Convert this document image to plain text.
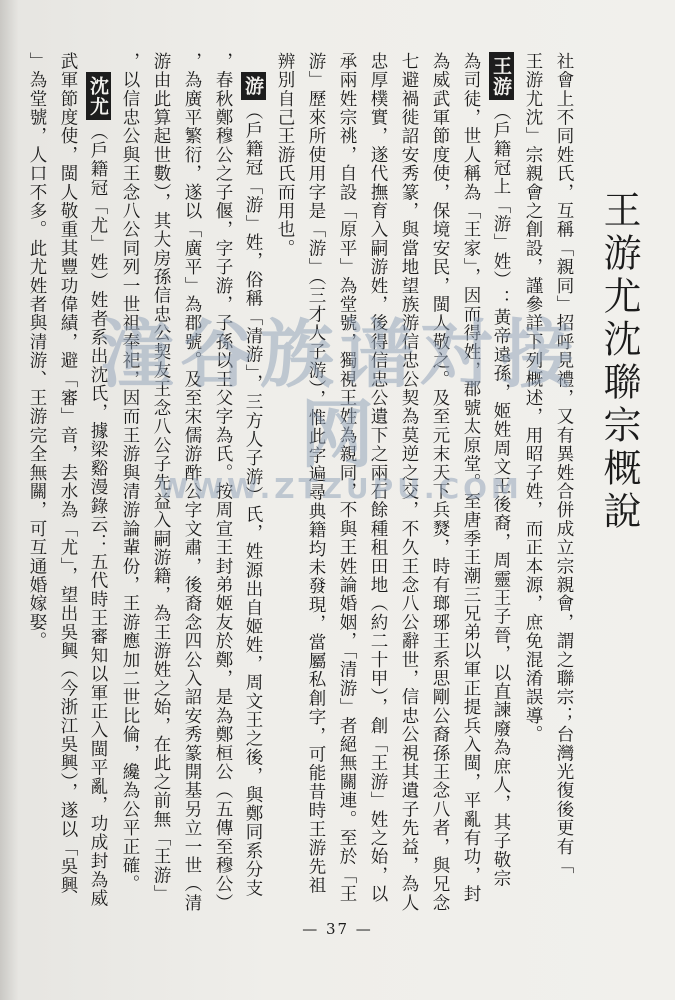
王游尤沈聯宗概說
社會上不同姓氏，互稱「親同」招呼見禮，又有異姓合併成立宗親會，謂之聯宗；台灣光復後更有「
王游尤沈」宗親會之創設，謹參詳下列概述，用昭子姓，而正本源，庶免混淆誤導。
王游（戶籍冠上「游」姓）：黃帝遠孫，姬姓周文王後裔，周靈王子晉，以直諫廢為庶人，其子敬宗
為司徒，世人稱為「王家」，因而得姓，郡號太原堂。至唐季王潮三兄弟以軍正提兵入閩，平亂有功，封
為威武軍節度使，保境安民，閩人敬之。及至元末天下兵燹，時有瑯琊王系思剛公裔孫王念八者，與兄念
七避禍徙詔安秀篆，與當地望族游信忠公契為莫逆之交，不久王念八公辭世，信忠公視其遺子先益，為人
忠厚樸實，遂代撫育入嗣游姓，後得信忠公遺下之兩石餘種租田地（約二十甲），創「王游」姓之始，以
承兩姓宗祧，自設「原平」為堂號，獨視王姓為親同，不與王姓論婚姻，「清游」者絕無關連。至於「王
游」歷來所使用字是「游」（三才人子游），惟此字遍尋典籍均未發現，當屬私創字，可能昔時王游先祖
辨別自己王游氏而用也。
游（戶籍冠「游」姓，俗稱「清游」，三方人子游）氏，姓源出自姬姓，周文王之後，與鄭同系分支
，春秋鄭穆公之子偃，字子游，子孫以王父字為氏。按周宣王封弟姬友於鄭，是為鄭桓公（五傳至穆公）
，為廣平繁衍，遂以「廣平」為郡號。及至宋儒游酢公字文肅，後裔念四公入詔安秀篆開基另立一世（清
游由此算起世數），其大房孫信忠公契友王念八公子先益入嗣游籍，為王游姓之始，在此之前無「王游」
，以信忠公與王念八公同列一世祖奉祀，因而王游與清游論輩份，王游應加二世比倫，纔為公平正確。
沈尤（戶籍冠「尤」姓）姓者系出沈氏，據梁谿漫錄云：五代時王審知以軍正入閩平亂，功成封為威
武軍節度使，閩人敬重其豐功偉績，避「審」音，去水為「尤」，望出吳興（今浙江吳興），遂以「吳興
」為堂號，人口不多。此尤姓者與清游、王游完全無關，可互通婚嫁娶。 潼谷族谱对接网
WWW.ZTZUPU.COM
— 37 —
